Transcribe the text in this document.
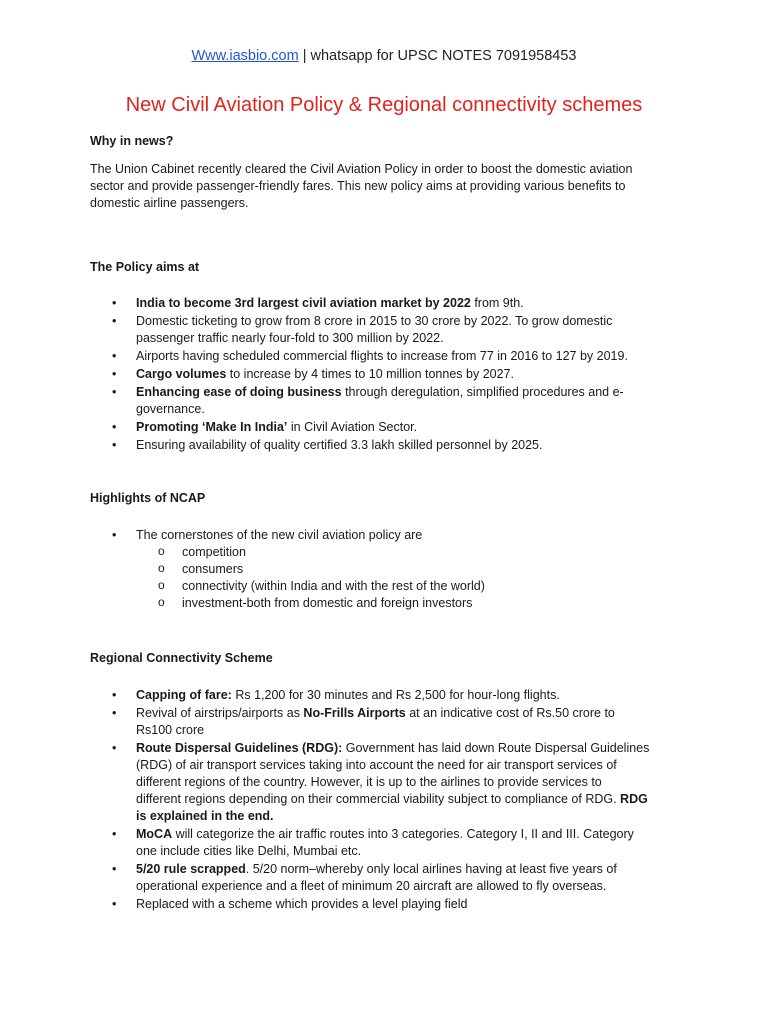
Www.iasbio.com | whatsapp for UPSC NOTES 7091958453
New Civil Aviation Policy & Regional connectivity schemes
Why in news?
The Union Cabinet recently cleared the Civil Aviation Policy in order to boost the domestic aviation sector and provide passenger-friendly fares. This new policy aims at providing various benefits to domestic airline passengers.
The Policy aims at
• India to become 3rd largest civil aviation market by 2022 from 9th.
• Domestic ticketing to grow from 8 crore in 2015 to 30 crore by 2022. To grow domestic passenger traffic nearly four-fold to 300 million by 2022.
• Airports having scheduled commercial flights to increase from 77 in 2016 to 127 by 2019.
• Cargo volumes to increase by 4 times to 10 million tonnes by 2027.
• Enhancing ease of doing business through deregulation, simplified procedures and e-governance.
• Promoting ‘Make In India’ in Civil Aviation Sector.
• Ensuring availability of quality certified 3.3 lakh skilled personnel by 2025.
Highlights of NCAP
• The cornerstones of the new civil aviation policy are
o competition
o consumers
o connectivity (within India and with the rest of the world)
o investment-both from domestic and foreign investors
Regional Connectivity Scheme
• Capping of fare: Rs 1,200 for 30 minutes and Rs 2,500 for hour-long flights.
• Revival of airstrips/airports as No-Frills Airports at an indicative cost of Rs.50 crore to Rs100 crore
• Route Dispersal Guidelines (RDG): Government has laid down Route Dispersal Guidelines (RDG) of air transport services taking into account the need for air transport services of different regions of the country. However, it is up to the airlines to provide services to different regions depending on their commercial viability subject to compliance of RDG. RDG is explained in the end.
• MoCA will categorize the air traffic routes into 3 categories. Category I, II and III. Category one include cities like Delhi, Mumbai etc.
• 5/20 rule scrapped. 5/20 norm–whereby only local airlines having at least five years of operational experience and a fleet of minimum 20 aircraft are allowed to fly overseas.
• Replaced with a scheme which provides a level playing field
